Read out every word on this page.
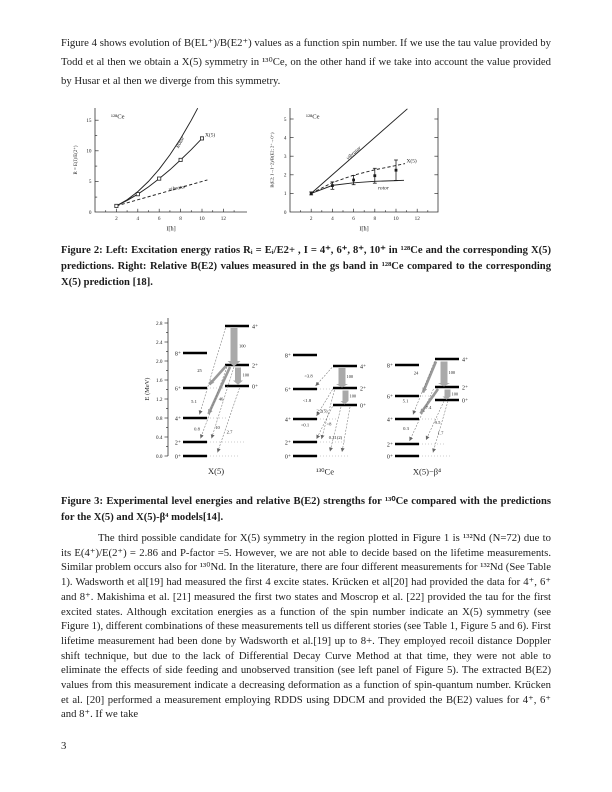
Figure 4 shows evolution of B(EL⁺)/B(E2⁺) values as a function spin number. If we use the tau value provided by Todd et al then we obtain a X(5) symmetry in ¹³⁰Ce, on the other hand if we take into account the value provided by Husar et al then we diverge from this symmetry.

2	4	6	8	10	12
0
5
10
15
¹²⁸Ce
Rotor
X(5)
vibrator
R = E(I)/E(2⁺)
I[ħ]
2	4	6	8	10	12
0
1
2
3
4
5	¹²⁸Ce
vibrator	X(5)
rotor
B(E2; I→I−2)/B(E2; 2⁺→0⁺)
I[ħ]

Figure 2: Left: Excitation energy ratios Rᵢ = Eᵢ/E2+ , I = 4⁺, 6⁺, 8⁺, 10⁺ in ¹²⁸Ce and the corresponding X(5) predictions. Right: Relative B(E2) values measured in the gs band in ¹²⁸Ce compared to the corresponding X(5) prediction [18].

0.0
0.4
0.8
1.2
1.6
2.0
2.4
2.8
E (MeV)
8⁺
6⁺
4⁺
2⁺
0⁺
4⁺
2⁺
0⁺
100
100
25
5.1
0.8
46
10
2.7
X(5)
8⁺
6⁺
4⁺
2⁺
0⁺
4⁺
2⁺
0⁺
100
100
<3.8
<1.8
<0.1
2.2(5)
<8
0.21(2)
¹³⁰Ce
8⁺
6⁺
4⁺
2⁺
0⁺
4⁺
2⁺
0⁺
100
100
24
5.1
0.3
7.4
9.5
1.7
X(5)−β⁴

Figure 3: Experimental level energies and relative B(E2) strengths for ¹³⁰Ce compared with the predictions for the X(5) and X(5)-β⁴ models[14].

The third possible candidate for X(5) symmetry in the region plotted in Figure 1 is ¹³²Nd (N=72) due to its E(4⁺)/E(2⁺) = 2.86 and P-factor =5. However, we are not able to decide based on the lifetime measurements. Similar problem occurs also for ¹³⁰Nd. In the literature, there are four different measurements for ¹³²Nd (See Table 1). Wadsworth et al[19] had measured the first 4 excite states. Krücken et al[20] had provided the data for 4⁺, 6⁺ and 8⁺. Makishima et al. [21] measured the first two states and Moscrop et al. [22] provided the tau for the first excited states. Although excitation energies as a function of the spin number indicate an X(5) symmetry (see Figure 1), different combinations of these measurements tell us different stories (see Table 1, Figure 5 and 6). First lifetime measurement had been done by Wadsworth et al.[19] up to 8+. They employed recoil distance Doppler shift technique, but due to the lack of Differential Decay Curve Method at that time, they were not able to eliminate the effects of side feeding and unobserved transition (see left panel of Figure 5). The extracted B(E2) values from this measurement indicate a decreasing deformation as a function of spin-quantum number. Krücken et al. [20] performed a measurement employing RDDS using DDCM and provided the B(E2) values for 4⁺, 6⁺ and 8⁺. If we take

3
